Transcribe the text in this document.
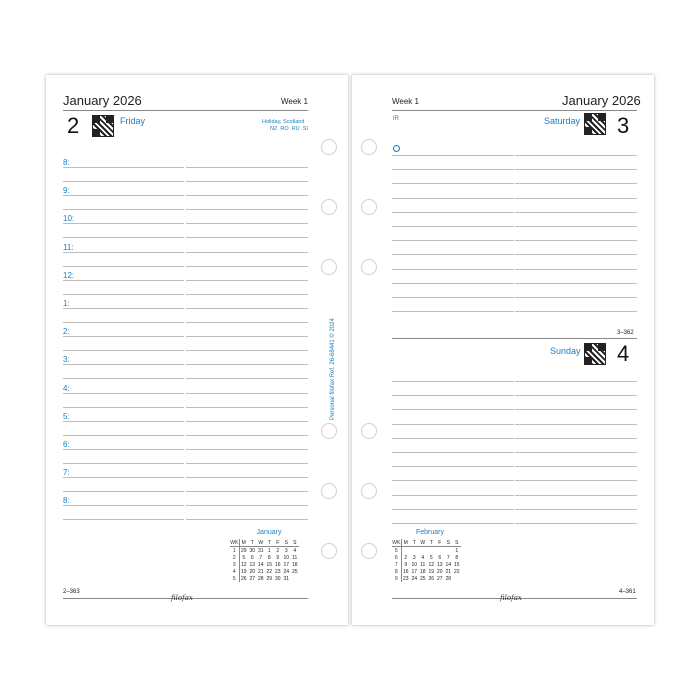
January 2026	Week 1
2	Friday	Holiday, Scotland
NZ  RO  RU  SI
8:
9:
10:
11:
12:
1:
2:
3:
4:
5:
6:
7:
8:
January
WK	M	T	W	T	F	S	S
1	29	30	31	1	2	3	4
2	5	6	7	8	9	10	11
3	12	13	14	15	16	17	18
4	19	20	21	22	23	24	25
5	26	27	28	29	30	31	
2–363
filofax
Week 1	January 2026
IR	Saturday 3
3–362
Sunday 4
February
WK	M	T	W	T	F	S	S
5							1
6	2	3	4	5	6	7	8
7	9	10	11	12	13	14	15
8	16	17	18	19	20	21	22
9	23	24	25	26	27	28	
4–361
filofax
Personal filofax Ref. 26-68441 © 2024
